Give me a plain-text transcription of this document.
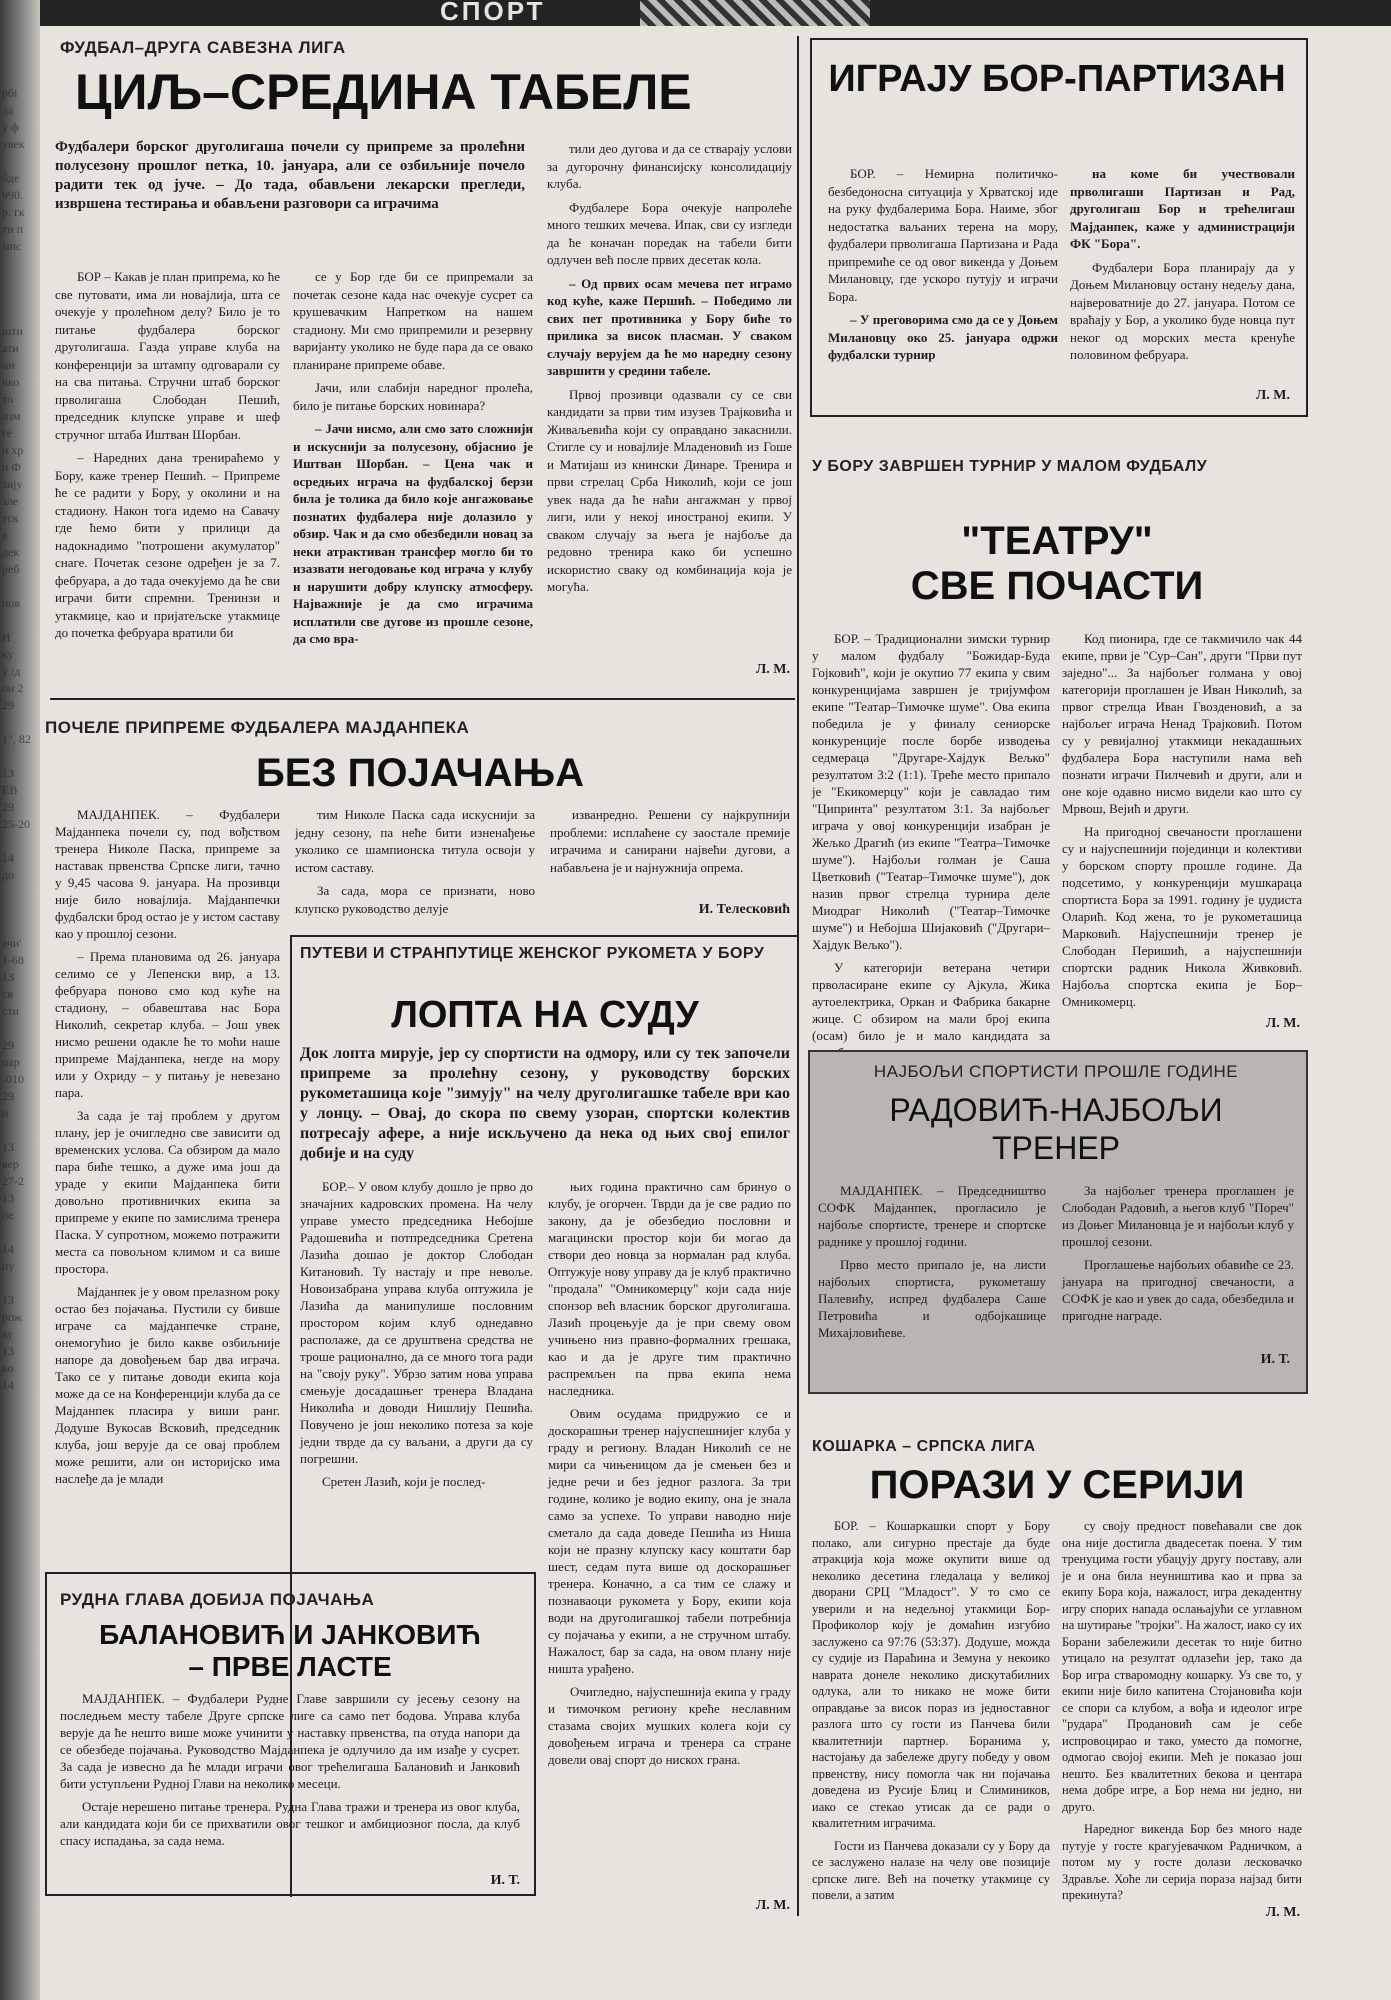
рбі
да
у ф
увек

бде
990.
р. гк
ти п
мпс

шти
ати
ни
чко
то
изм
ге
и хр
н Ф
зију
зле
тск
а
дек
реб

нов

И
ку
у /д
он 2
29

1", 82

13
ЕВ
29
25-20

14
до

ачи'
1-68
13
св
сти

29
пар
-010
29
и

13
вер
27-2
13
пе

14
пу

13
рож
ву
13
во
14
ФУДБАЛ–ДРУГА САВЕЗНА ЛИГА
ЦИЉ–СРЕДИНА ТАБЕЛЕ
Фудбалери борског друголигаша почели су припреме за пролећни полусезону прошлог петка, 10. јануара, али се озбиљније почело радити тек од јуче. – До тада, обављени лекарски прегледи, извршена тестирања и обављени разговори са играчима

БОР – Какав је план припрема, ко ће све путовати, има ли новајлија, шта се очекује у пролећном делу? Било је то питање фудбалера борског друголигаша. Газда управе клуба на конференцији за штампу одговарали су на сва питања. Стручни штаб борског прволигаша Слободан Пешић, председник клупске управе и шеф стручног штаба Иштван Шорбан.

– Наредних дана тренираћемо у Бору, каже тренер Пешић. – Припреме ће се радити у Бору, у околини и на стадиону. Након тога идемо на Савачу где ћемо бити у прилици да надокнадимо "потрошени акумулатор" снаге. Почетак сезоне одређен је за 7. фебруара, а до тада очекујемо да ће сви играчи бити спремни. Тренинзи и утакмице, као и пријатељске утакмице до почетка фебруара вратили би

се у Бор где би се припремали за почетак сезоне када нас очекује сусрет са крушевачким Напретком на нашем стадиону. Ми смо припремили и резервну варијанту уколико не буде пара да се овако планиране припреме обаве.

Јачи, или слабији наредног пролећа, било је питање борских новинара?

– Јачи нисмо, али смо зато сложнији и искуснији за полусезону, објаснио је Иштван Шорбан. – Цена чак и осредњих играча на фудбалској берзи била је толика да било које ангажовање познатих фудбалера није долазило у обзир. Чак и да смо обезбедили новац за неки атрактиван трансфер могло би то изазвати негодовање код играча у клубу и нарушити добру клупску атмосферу. Најважније је да смо играчима исплатили све дугове из прошле сезоне, да смо вра-

тили део дугова и да се стварају услови за дугорочну финансијску консолидацију клуба.

Фудбалере Бора очекује напролеће много тешких мечева. Ипак, сви су изгледи да ће коначан поредак на табели бити одлучен већ после првих десетак кола.

– Од првих осам мечева пет играмо код куће, каже Першић. – Победимо ли свих пет противника у Бору биће то прилика за висок пласман. У сваком случају верујем да ће мо наредну сезону завршити у средини табеле.

Првој прозивци одазвали су се сви кандидати за први тим изузев Трајковића и Живаљевића који су оправдано закаснили. Стигле су и новајлије Младеновић из Гоше и Матијаш из кнински Динаре. Тренира и први стрелац Срба Николић, који се још увек нада да ће наћи ангажман у првој лиги, или у некој иностраној екипи. У сваком случају за њега је најбоље да редовно тренира како би успешно искористио сваку од комбинација која је могућа.

Л. М.
ИГРАЈУ БОР-ПАРТИЗАН

БОР. – Немирна политичко-безбедоносна ситуација у Хрватској иде на руку фудбалерима Бора. Наиме, због недостатка ваљаних терена на мору, фудбалери прволигаша Партизана и Рада припремиће се од овог викенда у Доњем Милановцу, где ускоро путују и играчи Бора.

– У преговорима смо да се у Доњем Милановцу око 25. јануара одржи фудбалски турнир

на коме би учествовали прволигаши Партизан и Рад, друголигаш Бор и трећелигаш Мајданпек, каже у администрацији ФК "Бора".

Фудбалери Бора планирају да у Доњем Милановцу остану недељу дана, највероватније до 27. јануара. Потом се враћају у Бор, а уколико буде новца пут неког од морских места кренуће половином фебруара.

Л. М.
ПОЧЕЛЕ ПРИПРЕМЕ ФУДБАЛЕРА МАЈДАНПЕКА
БЕЗ ПОЈАЧАЊА

МАЈДАНПЕК. – Фудбалери Мајданпека почели су, под вођством тренера Николе Паска, припреме за наставак првенства Српске лиги, тачно у 9,45 часова 9. јануара. На прозивци није било новајлија. Мајданпечки фудбалски брод остао је у истом саставу као у прошлој сезони.

– Према плановима од 26. јануара селимо се у Лепенски вир, а 13. фебруара поново смо код куће на стадиону, – обавештава нас Бора Николић, секретар клуба. – Још увек нисмо решени одакле ће то моћи наше припреме Мајданпека, негде на мору или у Охриду – у питању је невезано пара.

За сада је тај проблем у другом плану, јер је очигледно све зависити од временских услова. Са обзиром да мало пара биће тешко, а дуже има још да ураде у екипи Мајданпека бити довољно противничких екипа за припреме у екипе по замислима тренера Паска. У супротном, можемо потражити места са повољном климом и са више простора.

Мајданпек је у овом прелазном року остао без појачања. Пустили су бивше играче са мајданпечке стране, онемогућио је било какве озбиљније напоре да довођењем бар два играча. Тако се у питање доводи екипа која може да се на Конференцији клуба да се Мајданпек пласира у виши ранг. Додуше Вукосав Всковић, председник клуба, још верује да се овај проблем може решити, али он историјско има наслеђе да је млади

тим Николе Паска сада искуснији за једну сезону, па неће бити изненађење уколико се шампионска титула освоји у истом саставу.

За сада, мора се признати, ново клупско руководство делује

изванредно. Решени су најкрупнији проблеми: исплаћене су заостале премије играчима и санирани највећи дугови, а набављена је и најнужнија опрема.

И. Телесковић
ПУТЕВИ И СТРАНПУТИЦЕ ЖЕНСКОГ РУКОМЕТА У БОРУ
ЛОПТА НА СУДУ
Док лопта мирује, јер су спортисти на одмору, или су тек започели припреме за пролећну сезону, у руководству борских рукометашица које "зимују" на челу друголигашке табеле ври као у лонцу. – Овај, до скора по свему узоран, спортски колектив потресају афере, а није искључено да нека од њих свој епилог добије и на суду

БОР.– У овом клубу дошло је прво до значајних кадровских промена. На челу управе уместо председника Небојше Радошевића и потпредседника Сретена Лазића дошао је доктор Слободан Китановић. Ту настају и пре невоље. Новоизабрана управа клуба оптужила је Лазића да манипулише пословним простором којим клуб однедавно располаже, да се друштвена средства не троше рационално, да се много тога ради на "своју руку". Убрзо затим нова управа смењује досадашњег тренера Владана Николића и доводи Нишлију Пешића. Повучено је још неколико потеза за које једни тврде да су ваљани, а други да су погрешни.

Сретен Лазић, који је послед-

њих година практично сам бринуо о клубу, је огорчен. Тврди да је све радио по закону, да је обезбедио пословни и магацински простор који би могао да створи део новца за нормалан рад клуба. Оптужује нову управу да је клуб практично "продала" "Омникомерцу" који сада није спонзор већ власник борског друголигаша. Лазић процењује да је при свему овом учињено низ правно-формалних грешака, као и да је друге тим практично распремљен па прва екипа нема наследника.

Овим осудама придружио се и доскорашњи тренер најуспешнијег клуба у граду и региону. Владан Николић се не мири са чињеницом да је смењен без и једне речи и без једног разлога. За три године, колико је водио екипу, она је знала само за успехе. То управи наводно није сметало да сада доведе Пешића из Ниша који не празну клупску касу коштати бар шест, седам пута више од доскорашњег тренера. Коначно, а са тим се слажу и познаваоци рукомета у Бору, екипи која води на друголигашкој табели потребнија су појачања у екипи, а не стручном штабу. Нажалост, бар за сада, на овом плану није ништа урађено.

Очигледно, најуспешнија екипа у граду и тимочком региону креће неславним стазама својих мушких колега који су довођењем играча и тренера са стране довели овај спорт до нискох грана.

Л. М.
РУДНА ГЛАВА ДОБИЈА ПОЈАЧАЊА
БАЛАНОВИЋ И ЈАНКОВИЋ
– ПРВЕ ЛАСТЕ

МАЈДАНПЕК. – Фудбалери Рудне Главе завршили су јесењу сезону на последњем месту табеле Друге српске лиге са само пет бодова. Управа клуба верује да ће нешто више може учинити у наставку првенства, па отуда напори да се обезбеде појачања. Руководство Мајданпека је одлучило да им изађе у сусрет. За сада је извесно да ће млади играчи овог трећелигаша Балановић и Јанковић бити уступљени Рудној Глави на неколико месеци.

Остаје нерешено питање тренера. Рудна Глава тражи и тренера из овог клуба, али кандидата који би се прихватили овог тешког и амбициозног посла, да клуб спасу испадања, за сада нема.

И. Т.
У БОРУ ЗАВРШЕН ТУРНИР У МАЛОМ ФУДБАЛУ
"ТЕАТРУ"
СВЕ ПОЧАСТИ

БОР. – Традиционални зимски турнир у малом фудбалу "Божидар-Буда Гојковић", који је окупио 77 екипа у свим конкуренцијама завршен је тријумфом екипе "Театар–Тимочке шуме". Ова екипа победила је у финалу сениорске конкуренције после борбе изводења седмераца "Другаре-Хајдук Вељко" резултатом 3:2 (1:1). Треће место припало је "Екикомерцу" који је савладао тим "Ципринта" резултатом 3:1. За најбољег играча у овој конкуренцији изабран је Жељко Драгић (из екипе "Театра–Тимочке шуме"). Најбољи голман је Саша Цветковић ("Театар–Тимочке шуме"), док назив првог стрелца турнира деле Миодраг Николић ("Театар–Тимочке шуме") и Небојша Шијаковић ("Другари–Хајдук Вељко").

У категорији ветерана четири прволасиране екипе су Ајкула, Жика аутоелектрика, Оркан и Фабрика бакарне жице. С обзиром на мали број екипа (осам) било је и мало кандидата за

Код пионира, где се такмичило чак 44 екипе, први је "Сур–Сан", други "Први пут заједно"... За најбољег голмана у овој категорији проглашен је Иван Николић, за првог стрелца Иван Гвозденовић, а за најбољег играча Ненад Трајковић. Потом су у ревијалној утакмици некадашњих фудбалера Бора наступили нама већ познати играчи Пилчевић и други, али и оне које одавно нисмо видели као што су Мрвош, Вејић и други.

На пригодној свечаности проглашени су и најуспешнији појединци и колективи у борском спорту прошле године. Да подсетимо, у конкуренцији мушкараца спортиста Бора за 1991. годину је џудиста Оларић. Код жена, то је рукометашица Марковић. Најуспешнији тренер је Слободан Перишић, а најуспешнији спортски радник Никола Живковић. Најбоља спортска екипа је Бор–Омникомерц.

Л. М.
НАЈБОЉИ СПОРТИСТИ ПРОШЛЕ ГОДИНЕ
РАДОВИЋ-НАЈБОЉИ
ТРЕНЕР

МАЈДАНПЕК. – Председништво СОФК Мајданпек, прогласило је најбоље спортисте, тренере и спортске раднике у прошлој години.

Прво место припало је, на листи најбољих спортиста, рукометашу Палевићу, испред фудбалера Саше Петровића и одбојкашице Михајловићеве.

За најбољег тренера проглашен је Слободан Радовић, а његов клуб "Пореч" из Доњег Милановца је и најбољи клуб у прошлој сезони.

Проглашење најбољих обавиће се 23. јануара на пригодној свечаности, а СОФК је као и увек до сада, обезбедила и пригодне награде.

И. Т.
КОШАРКА – СРПСКА ЛИГА
ПОРАЗИ У СЕРИЈИ

БОР. – Кошаркашки спорт у Бору полако, али сигурно престаје да буде атракција која може окупити више од неколико десетина гледалаца у великој дворани СРЦ "Младост". У то смо се уверили и на недељној утакмици Бор-Профиколор коју је домаћин изгубио заслужено са 97:76 (53:37). Додуше, можда су судије из Параћина и Земуна у некоико наврата донеле неколико дискутабилних одлука, али то никако не може бити оправдање за висок пораз из једноставног разлога што су гости из Панчева били квалитетнији партнер. Боранима у, настојању да забележе другу победу у овом првенству, нису помогла чак ни појачања доведена из Русије Блиц и Слимиников, иако се стекао утисак да се ради о квалитетним играчима.

Гости из Панчева доказали су у Бору да се заслужено налазе на челу ове позиције српске лиге. Већ на почетку утакмице су повели, а затим

су своју предност повећавали све док она није достигла двадесетак поена. У тим тренуцима гости убацују другу поставу, али је и она била неуништива као и прва за екипу Бора која, нажалост, игра декадентну игру спорих напада ослањајући се углавном на шутирање "тројки". На жалост, иако су их Борани забележили десетак то није битно утицало на резултат одлазећи јер, тако да Бор игра стваромодну кошарку. Уз све то, у екипи није било капитена Стојановића који се спори са клубом, а вођа и идеолог игре "рудара" Продановић сам је себе испровоцирао и тако, уместо да помогне, одмогао својој екипи. Мећ је показао још нешто. Без квалитетних бекова и центара нема добре игре, а Бор нема ни једно, ни друго.

Наредног викенда Бор без много наде путује у госте крагујевачком Радничком, а потом му у госте долази лесковачко Здравље. Хоће ли серија пораза најзад бити прекинута?

Л. М.
СПОРТ
